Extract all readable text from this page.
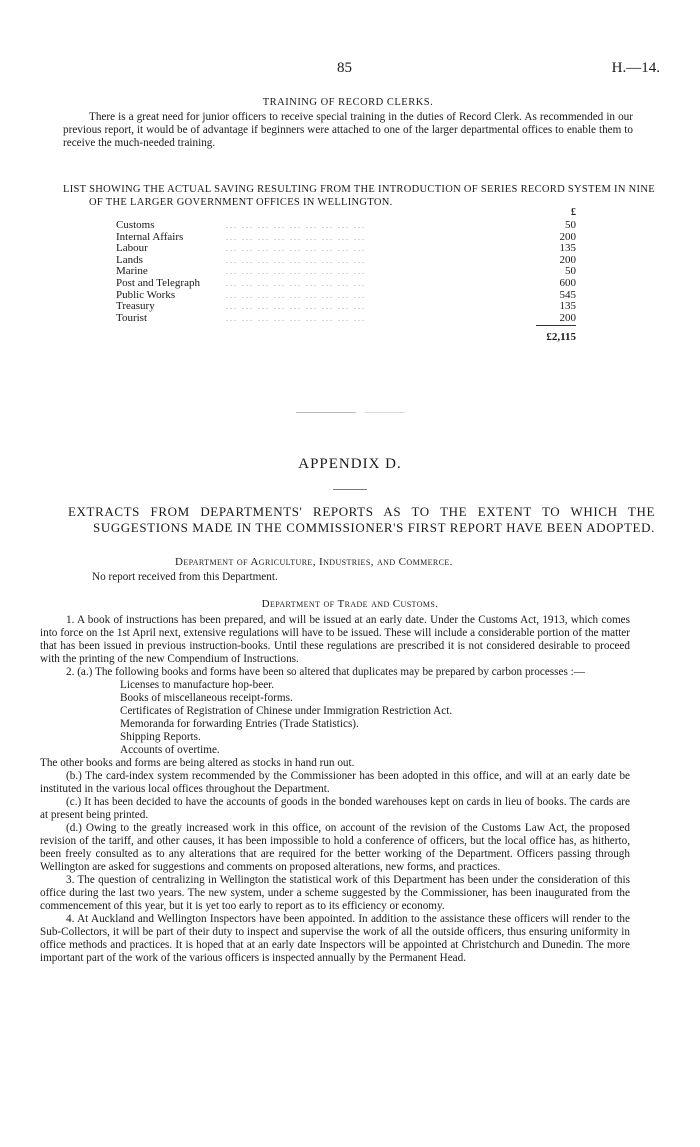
85	H.—14.
TRAINING OF RECORD CLERKS.

There is a great need for junior officers to receive special training in the duties of Record Clerk. As recommended in our previous report, it would be of advantage if beginners were attached to one of the larger departmental offices to enable them to receive the much-needed training.

LIST SHOWING THE ACTUAL SAVING RESULTING FROM THE INTRODUCTION OF SERIES RECORD SYSTEM IN NINE OF THE LARGER GOVERNMENT OFFICES IN WELLINGTON.
£
Customs	... ... ... ... ... ... ... ... ...	50
Internal Affairs	... ... ... ... ... ... ... ... ...	200
Labour	... ... ... ... ... ... ... ... ...	135
Lands	... ... ... ... ... ... ... ... ...	200
Marine	... ... ... ... ... ... ... ... ...	50
Post and Telegraph	... ... ... ... ... ... ... ... ...	600
Public Works	... ... ... ... ... ... ... ... ...	545
Treasury	... ... ... ... ... ... ... ... ...	135
Tourist	... ... ... ... ... ... ... ... ...	200
£2,115
APPENDIX D.
EXTRACTS FROM DEPARTMENTS' REPORTS AS TO THE EXTENT TO WHICH THE SUGGESTIONS MADE IN THE COMMISSIONER'S FIRST REPORT HAVE BEEN ADOPTED.
Department of Agriculture, Industries, and Commerce.

No report received from this Department.

Department of Trade and Customs.

1. A book of instructions has been prepared, and will be issued at an early date. Under the Customs Act, 1913, which comes into force on the 1st April next, extensive regulations will have to be issued. These will include a considerable portion of the matter that has been issued in previous instruction-books. Until these regulations are prescribed it is not considered desirable to proceed with the printing of the new Compendium of Instructions.

2. (a.) The following books and forms have been so altered that duplicates may be prepared by carbon processes :—

Licenses to manufacture hop-beer.
Books of miscellaneous receipt-forms.
Certificates of Registration of Chinese under Immigration Restriction Act.
Memoranda for forwarding Entries (Trade Statistics).
Shipping Reports.
Accounts of overtime.

The other books and forms are being altered as stocks in hand run out.

(b.) The card-index system recommended by the Commissioner has been adopted in this office, and will at an early date be instituted in the various local offices throughout the Department.

(c.) It has been decided to have the accounts of goods in the bonded warehouses kept on cards in lieu of books. The cards are at present being printed.

(d.) Owing to the greatly increased work in this office, on account of the revision of the Customs Law Act, the proposed revision of the tariff, and other causes, it has been impossible to hold a conference of officers, but the local office has, as hitherto, been freely consulted as to any alterations that are required for the better working of the Department. Officers passing through Wellington are asked for suggestions and comments on proposed alterations, new forms, and practices.

3. The question of centralizing in Wellington the statistical work of this Department has been under the consideration of this office during the last two years. The new system, under a scheme suggested by the Commissioner, has been inaugurated from the commencement of this year, but it is yet too early to report as to its efficiency or economy.

4. At Auckland and Wellington Inspectors have been appointed. In addition to the assistance these officers will render to the Sub-Collectors, it will be part of their duty to inspect and supervise the work of all the outside officers, thus ensuring uniformity in office methods and practices. It is hoped that at an early date Inspectors will be appointed at Christchurch and Dunedin. The more important part of the work of the various officers is inspected annually by the Permanent Head.
